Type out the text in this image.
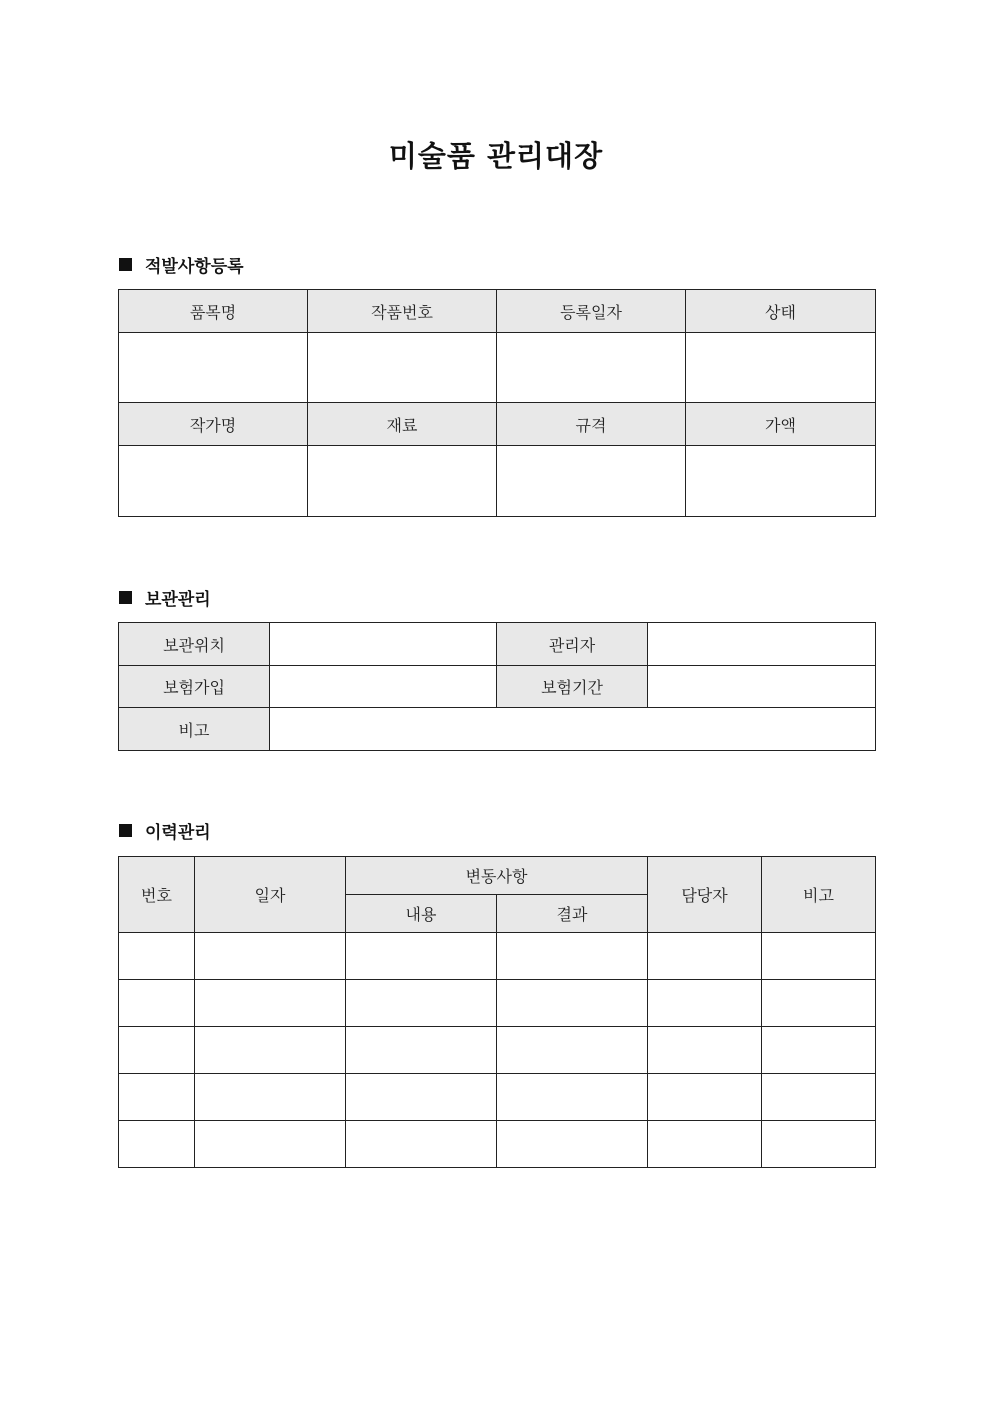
미술품 관리대장
적발사항등록
품목명	작품번호	등록일자	상태

작가명	재료	규격	가액

보관관리
보관위치		관리자	
보험가입		보험기간	
비고			
이력관리
번호	일자	변동사항		담당자	비고
		내용	결과		
